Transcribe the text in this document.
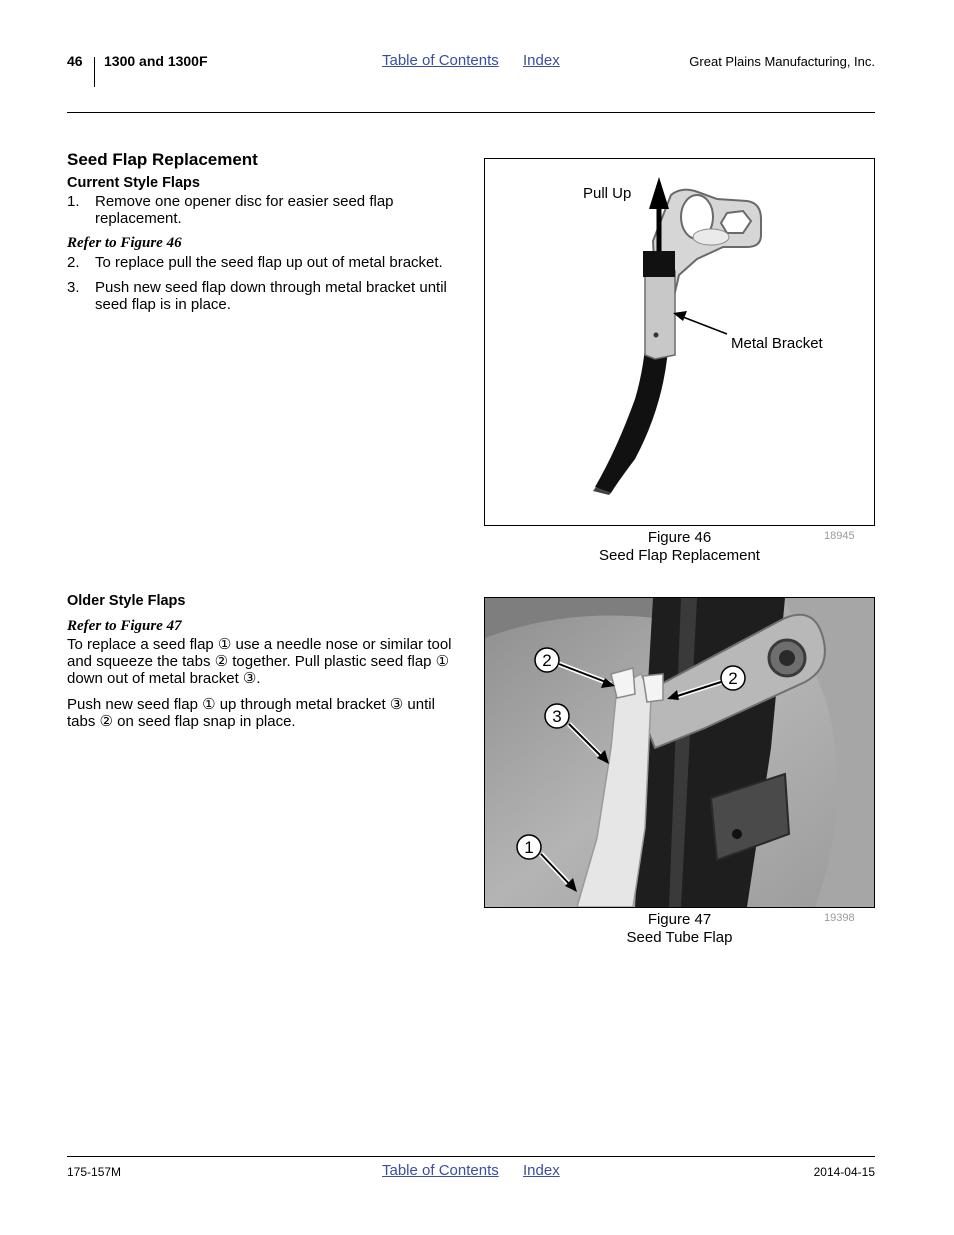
46 1300 and 1300F	Table of Contents Index	Great Plains Manufacturing, Inc.
Seed Flap Replacement
Current Style Flaps
1. Remove one opener disc for easier seed flap replacement.
Refer to Figure 46
2. To replace pull the seed flap up out of metal bracket.
3. Push new seed flap down through metal bracket until seed flap is in place.
Older Style Flaps
Refer to Figure 47
To replace a seed flap ① use a needle nose or similar tool and squeeze the tabs ② together. Pull plastic seed flap ① down out of metal bracket ③.
Push new seed flap ① up through metal bracket ③ until tabs ② on seed flap snap in place.
Pull Up
Metal Bracket
Figure 46
Seed Flap Replacement
18945
2
2
3
1
Figure 47
Seed Tube Flap
19398
175-157M	Table of Contents Index	2014-04-15
